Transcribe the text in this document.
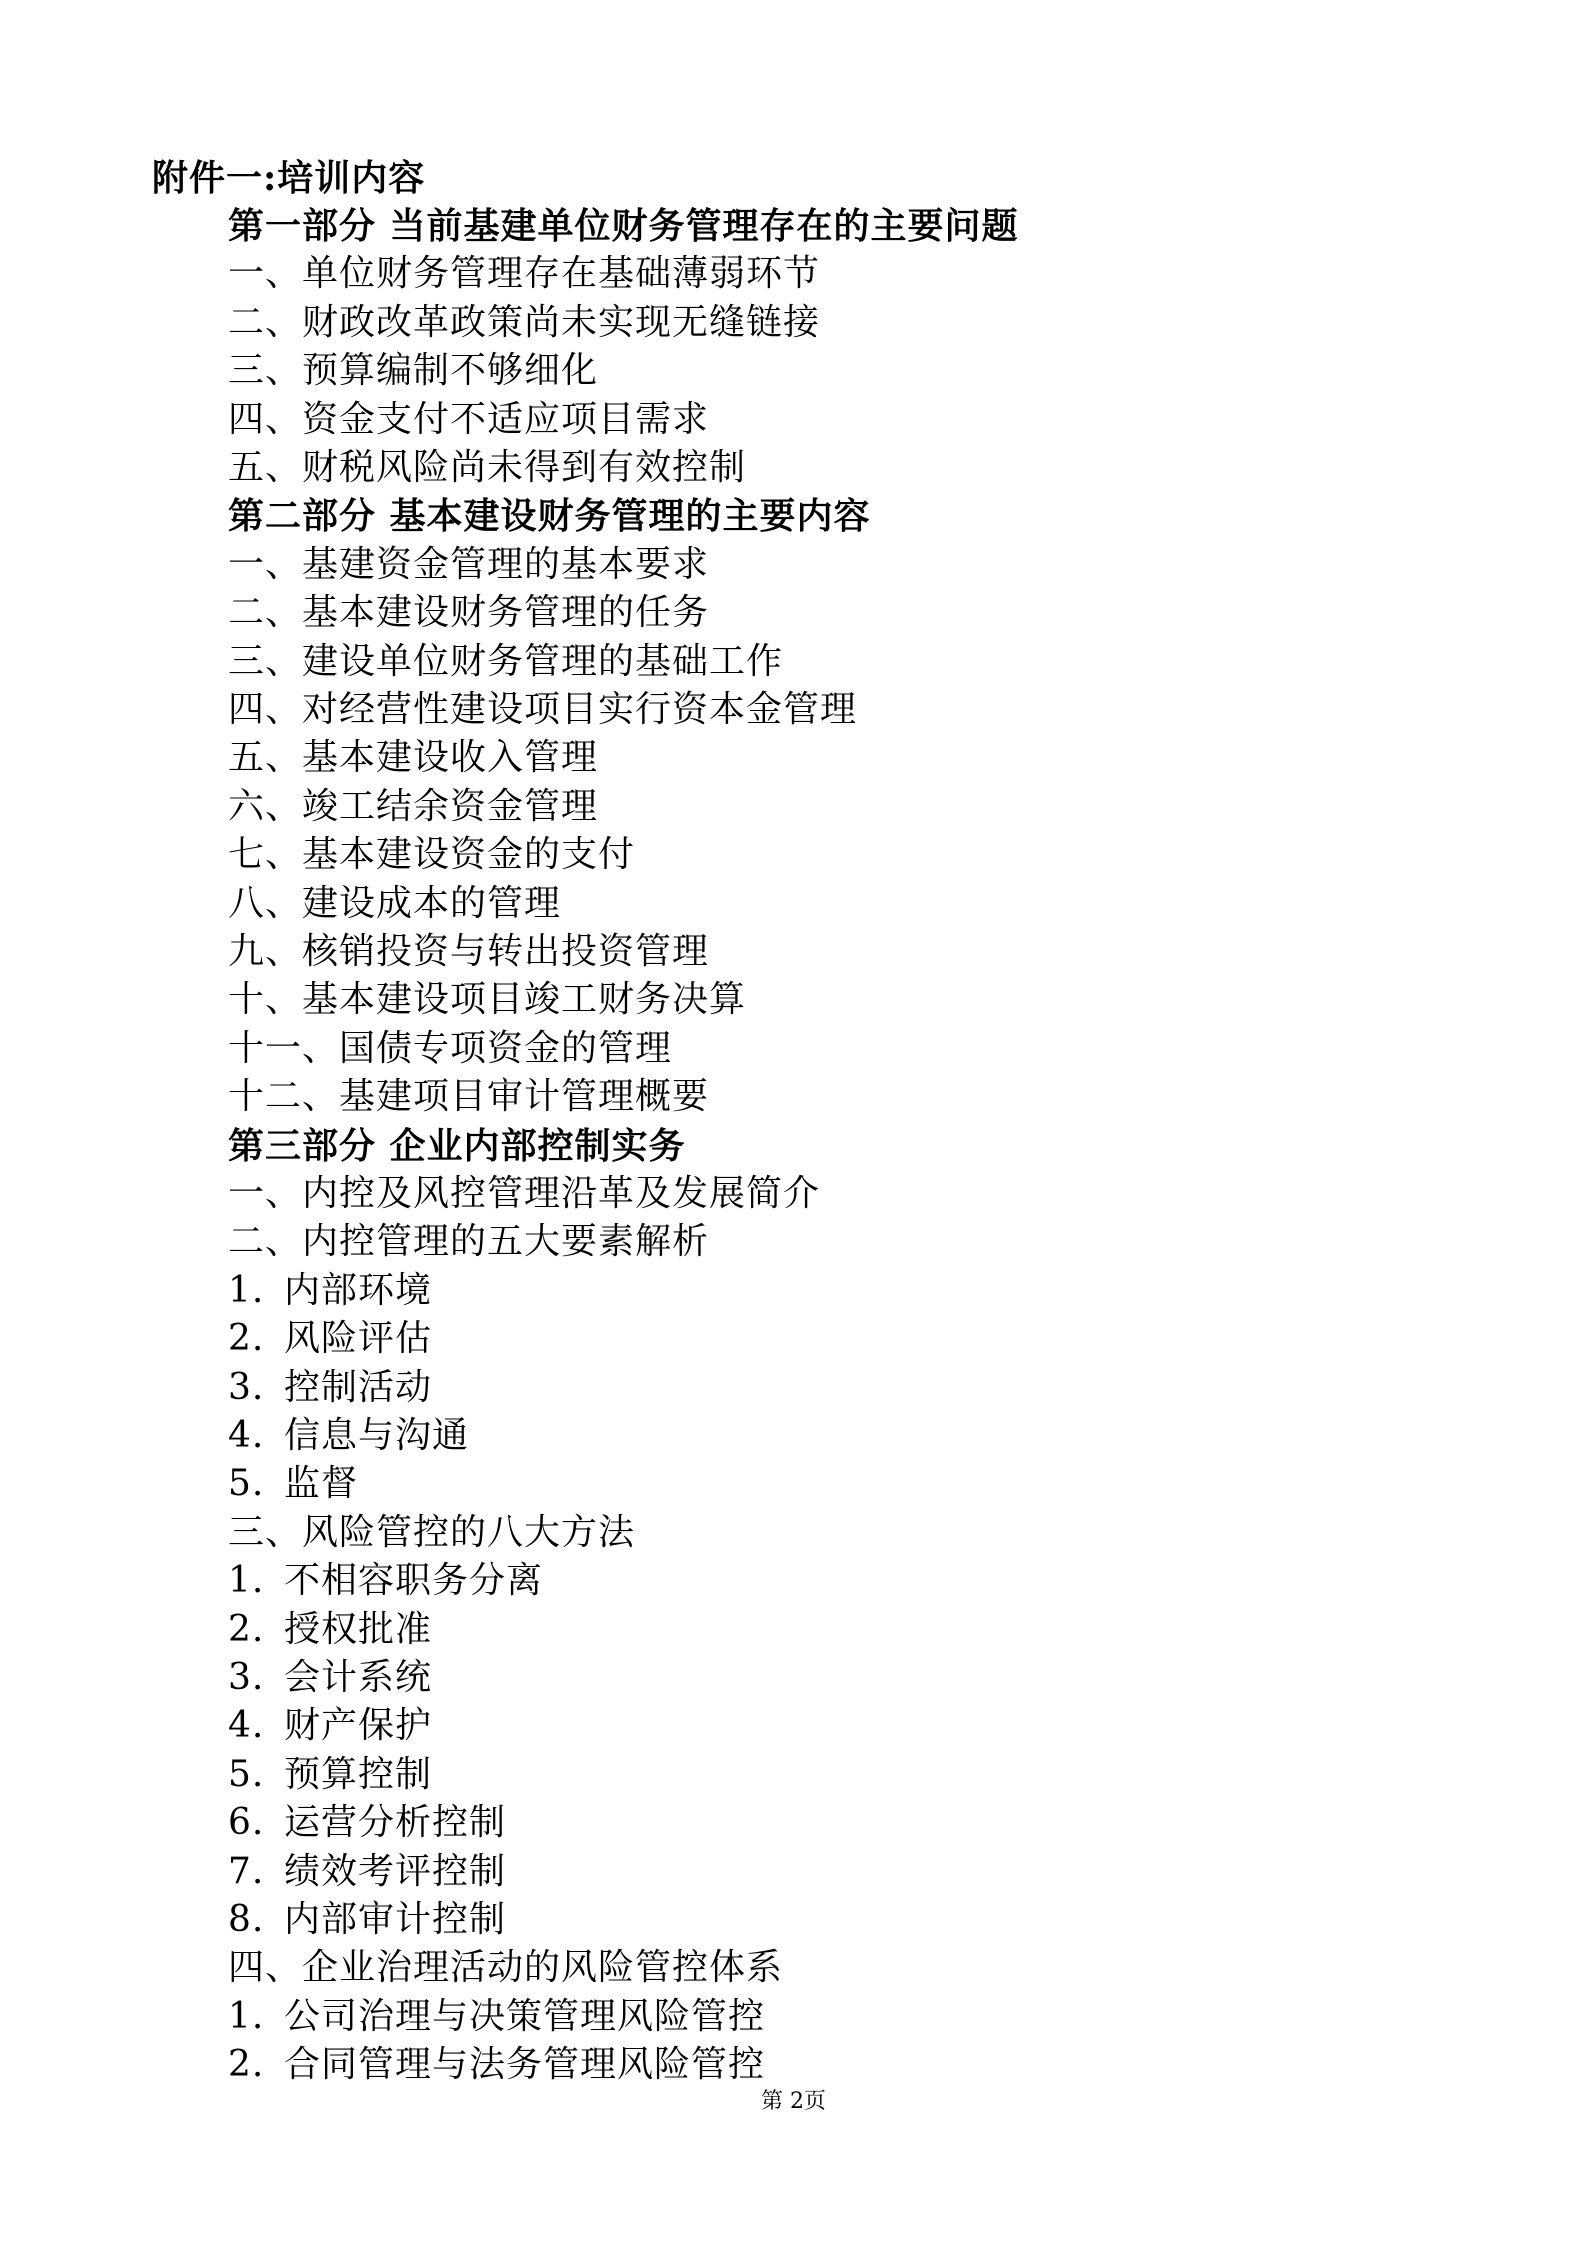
附件一:培训内容
第一部分 当前基建单位财务管理存在的主要问题
一、单位财务管理存在基础薄弱环节
二、财政改革政策尚未实现无缝链接
三、预算编制不够细化
四、资金支付不适应项目需求
五、财税风险尚未得到有效控制
第二部分 基本建设财务管理的主要内容
一、基建资金管理的基本要求
二、基本建设财务管理的任务
三、建设单位财务管理的基础工作
四、对经营性建设项目实行资本金管理
五、基本建设收入管理
六、竣工结余资金管理
七、基本建设资金的支付
八、建设成本的管理
九、核销投资与转出投资管理
十、基本建设项目竣工财务决算
十一、国债专项资金的管理
十二、基建项目审计管理概要
第三部分 企业内部控制实务
一、内控及风控管理沿革及发展简介
二、内控管理的五大要素解析
1. 内部环境
2. 风险评估
3. 控制活动
4. 信息与沟通
5. 监督
三、风险管控的八大方法
1. 不相容职务分离
2. 授权批准
3. 会计系统
4. 财产保护
5. 预算控制
6. 运营分析控制
7. 绩效考评控制
8. 内部审计控制
四、企业治理活动的风险管控体系
1. 公司治理与决策管理风险管控
2. 合同管理与法务管理风险管控
第 2页
